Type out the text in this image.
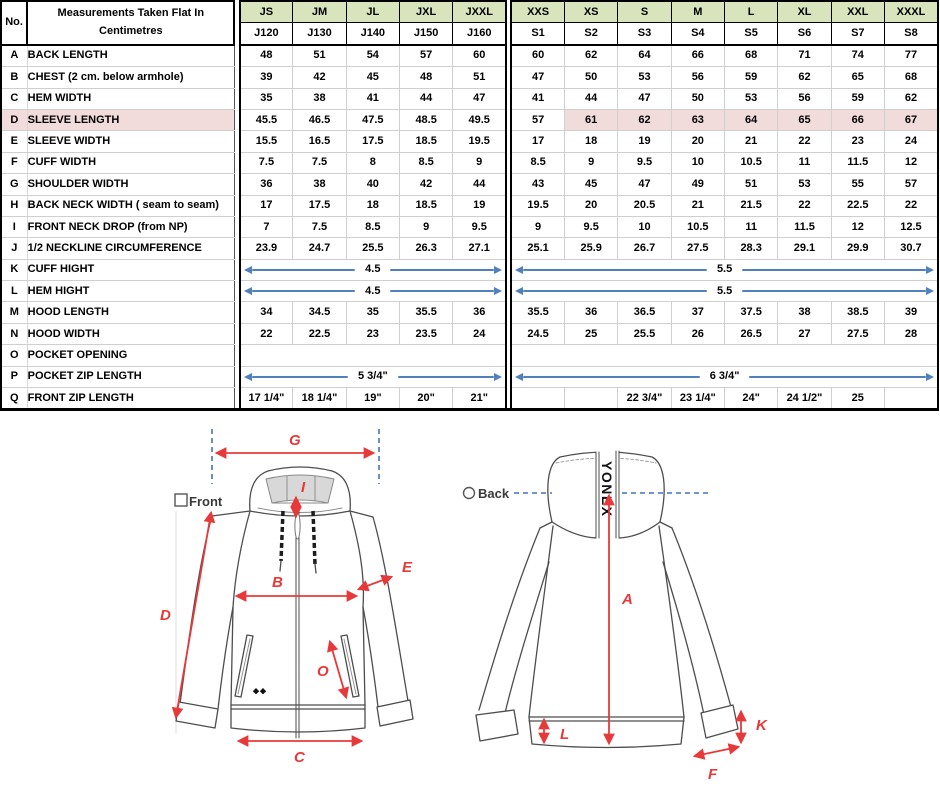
No.	Measurements Taken Flat In
Centimetres		JS	JM	JL	JXL	JXXL		XXS	XS	S	M	L	XL	XXL	XXXL
			J120	J130	J140	J150	J160		S1	S2	S3	S4	S5	S6	S7	S8
A	BACK LENGTH		48	51	54	57	60		60	62	64	66	68	71	74	77
B	CHEST (2 cm. below armhole)		39	42	45	48	51		47	50	53	56	59	62	65	68
C	HEM WIDTH		35	38	41	44	47		41	44	47	50	53	56	59	62
D	SLEEVE LENGTH		45.5	46.5	47.5	48.5	49.5		57	61	62	63	64	65	66	67
E	SLEEVE WIDTH		15.5	16.5	17.5	18.5	19.5		17	18	19	20	21	22	23	24
F	CUFF WIDTH		7.5	7.5	8	8.5	9		8.5	9	9.5	10	10.5	11	11.5	12
G	SHOULDER WIDTH		36	38	40	42	44		43	45	47	49	51	53	55	57
H	BACK NECK WIDTH ( seam to seam)		17	17.5	18	18.5	19		19.5	20	20.5	21	21.5	22	22.5	22
I	FRONT NECK DROP (from NP)		7	7.5	8.5	9	9.5		9	9.5	10	10.5	11	11.5	12	12.5
J	1/2 NECKLINE CIRCUMFERENCE		23.9	24.7	25.5	26.3	27.1		25.1	25.9	26.7	27.5	28.3	29.1	29.9	30.7
K	CUFF HIGHT		4.5						5.5							

L	HEM HIGHT		4.5						5.5							

M	HOOD LENGTH		34	34.5	35	35.5	36		35.5	36	36.5	37	37.5	38	38.5	39
N	HOOD WIDTH		22	22.5	23	23.5	24		24.5	25	25.5	26	26.5	27	27.5	28
O	POCKET OPENING															
P	POCKET ZIP LENGTH		5 3/4"						6 3/4"							

Q	FRONT ZIP LENGTH		17 1/4"	18 1/4"	19"	20"	21"				22 3/4"	23 1/4"	24"	24 1/2"	25	
G
I
B
E
D
O
C
Front	YONEX
Back
A
L
K
F
